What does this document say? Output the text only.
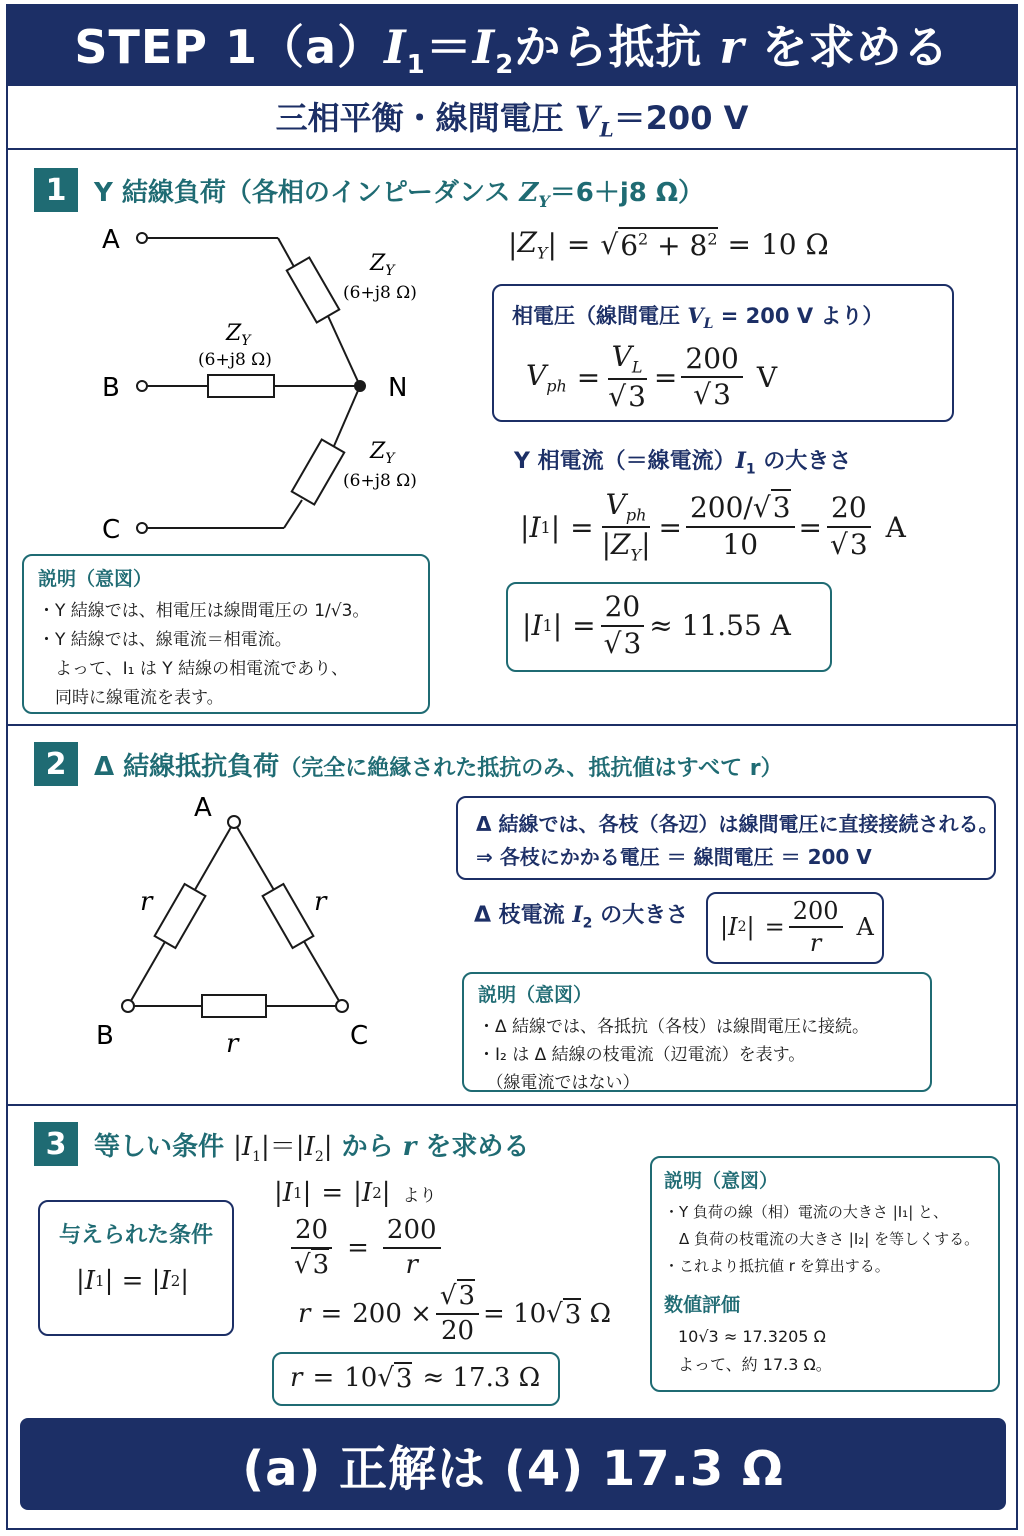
STEP $1(a)I_1=I_2$から抵抗 r を求める
三相平衡・線間電圧 $V_L=200$ V
1	Y 結線負荷（各相のインピーダンス $Z_Y=6+j8$ Ω）
A
B
C
N
$Z_Y$
(6+j8 Ω)
$Z_Y$
(6+j8 Ω)
$Z_Y$
(6+j8 Ω)
| $Z_Y$ | = √ $6^2 + 8^2 = 10$ Ω
相電圧（線間電圧 $V_L = 200$ V より）
$V_{ph} = \frac{V_L}{√3} = \frac{200}{√3}$ V
Y 相電流（＝線電流）$I_1$ の大きさ
| I 1 | = $\frac{V_{ph}}{|Z_Y|} = \frac{200/√3}{10} = \frac{20}{√3}$ A
| I 1 | = $\frac{20}{√3} \approx 11.55$ A
説明（意図）
・Y 結線では、相電圧は線間電圧の 1/√3。
・Y 結線では、線電流＝相電流。
　よって、I₁ は Y 結線の相電流であり、
　同時に線電流を表す。
2	Δ 結線抵抗負荷（完全に絶縁された抵抗のみ、抵抗値はすべて r）
A
B	C
r	r
r
Δ 結線では、各枝（各辺）は線間電圧に直接接続される。
⇒ 各枝にかかる電圧 ＝ 線間電圧 ＝ 200 V
Δ 枝電流 $I_2$ の大きさ | I 2 | = $\frac{200}{r}$ A
説明（意図）
・Δ 結線では、各抵抗（各枝）は線間電圧に接続。
・I₂ は Δ 結線の枝電流（辺電流）を表す。
　（線電流ではない）
3	等しい条件 $|I_1|=|I_2|$ から r を求める
与えられた条件
| I 1 | = | I 2 |
| I 1 | = | I 2 | より
$\frac{20}{√3} = \frac{200}{r}$
$r = 200 \times \frac{√3}{20} = 10√$ 3 Ω
r = 10√ 3 ≈ 17.3 Ω
説明（意図）
・Y 負荷の線（相）電流の大きさ |I₁| と、
　Δ 負荷の枝電流の大きさ |I₂| を等しくする。
・これより抵抗値 r を算出する。
数値評価
10√3 ≈ 17.3205 Ω
よって、約 17.3 Ω。
(a) 正解は (4) 17.3 Ω
